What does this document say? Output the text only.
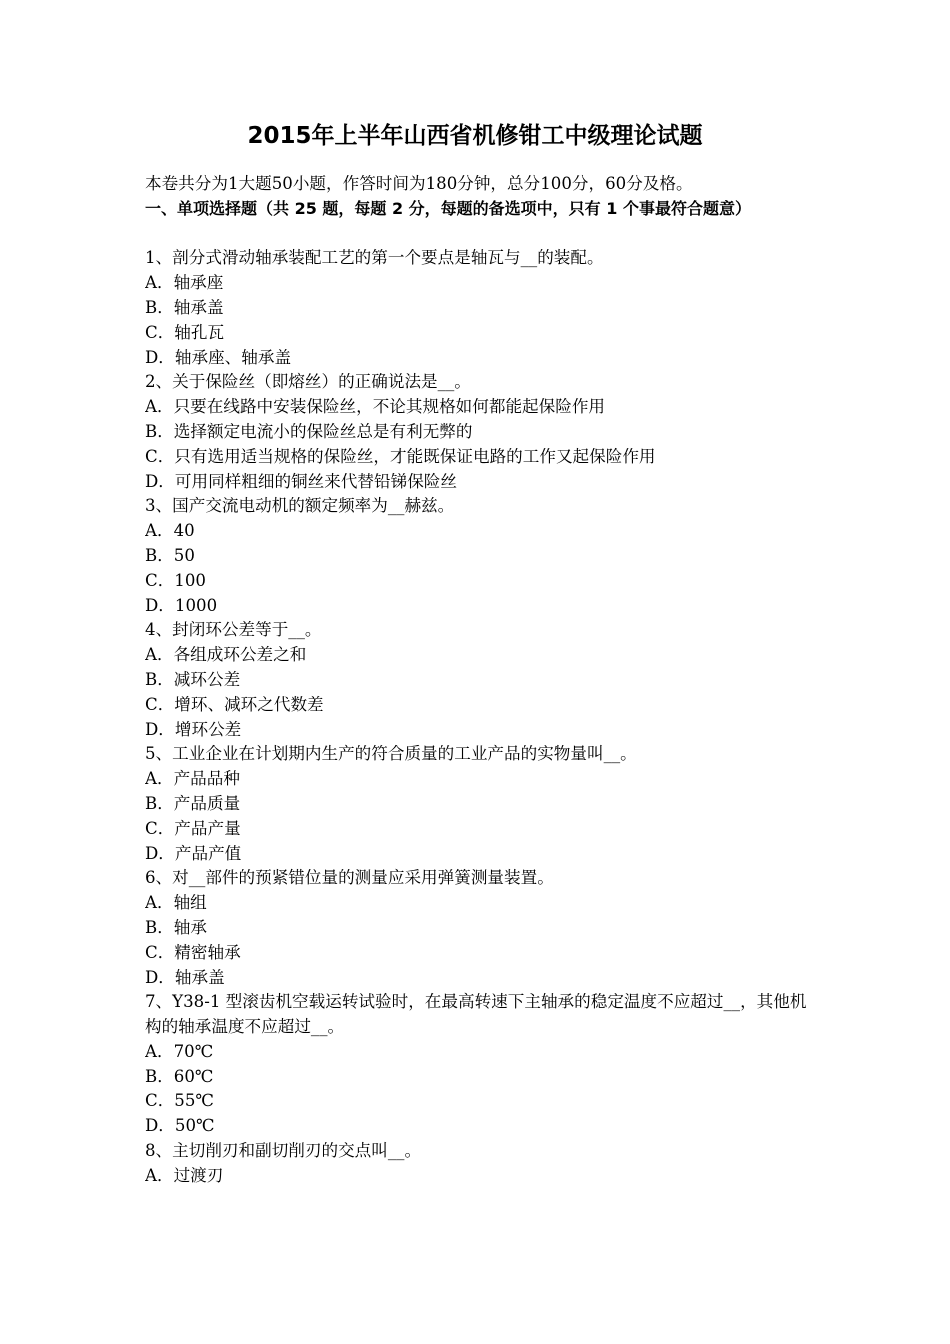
2015年上半年山西省机修钳工中级理论试题
本卷共分为1大题50小题，作答时间为180分钟，总分100分，60分及格。
一、单项选择题（共 25 题，每题 2 分，每题的备选项中，只有 1 个事最符合题意）
1、剖分式滑动轴承装配工艺的第一个要点是轴瓦与__的装配。
A．轴承座
B．轴承盖
C．轴孔瓦
D．轴承座、轴承盖
2、关于保险丝（即熔丝）的正确说法是__。
A．只要在线路中安装保险丝，不论其规格如何都能起保险作用
B．选择额定电流小的保险丝总是有利无弊的
C．只有选用适当规格的保险丝，才能既保证电路的工作又起保险作用
D．可用同样粗细的铜丝来代替铅锑保险丝
3、国产交流电动机的额定频率为__赫兹。
A．40
B．50
C．100
D．1000
4、封闭环公差等于__。
A．各组成环公差之和
B．减环公差
C．增环、减环之代数差
D．增环公差
5、工业企业在计划期内生产的符合质量的工业产品的实物量叫__。
A．产品品种
B．产品质量
C．产品产量
D．产品产值
6、对__部件的预紧错位量的测量应采用弹簧测量装置。
A．轴组
B．轴承
C．精密轴承
D．轴承盖
7、Y38-1 型滚齿机空载运转试验时，在最高转速下主轴承的稳定温度不应超过__，其他机构的轴承温度不应超过__。
A．70℃
B．60℃
C．55℃
D．50℃
8、主切削刃和副切削刃的交点叫__。
A．过渡刃
